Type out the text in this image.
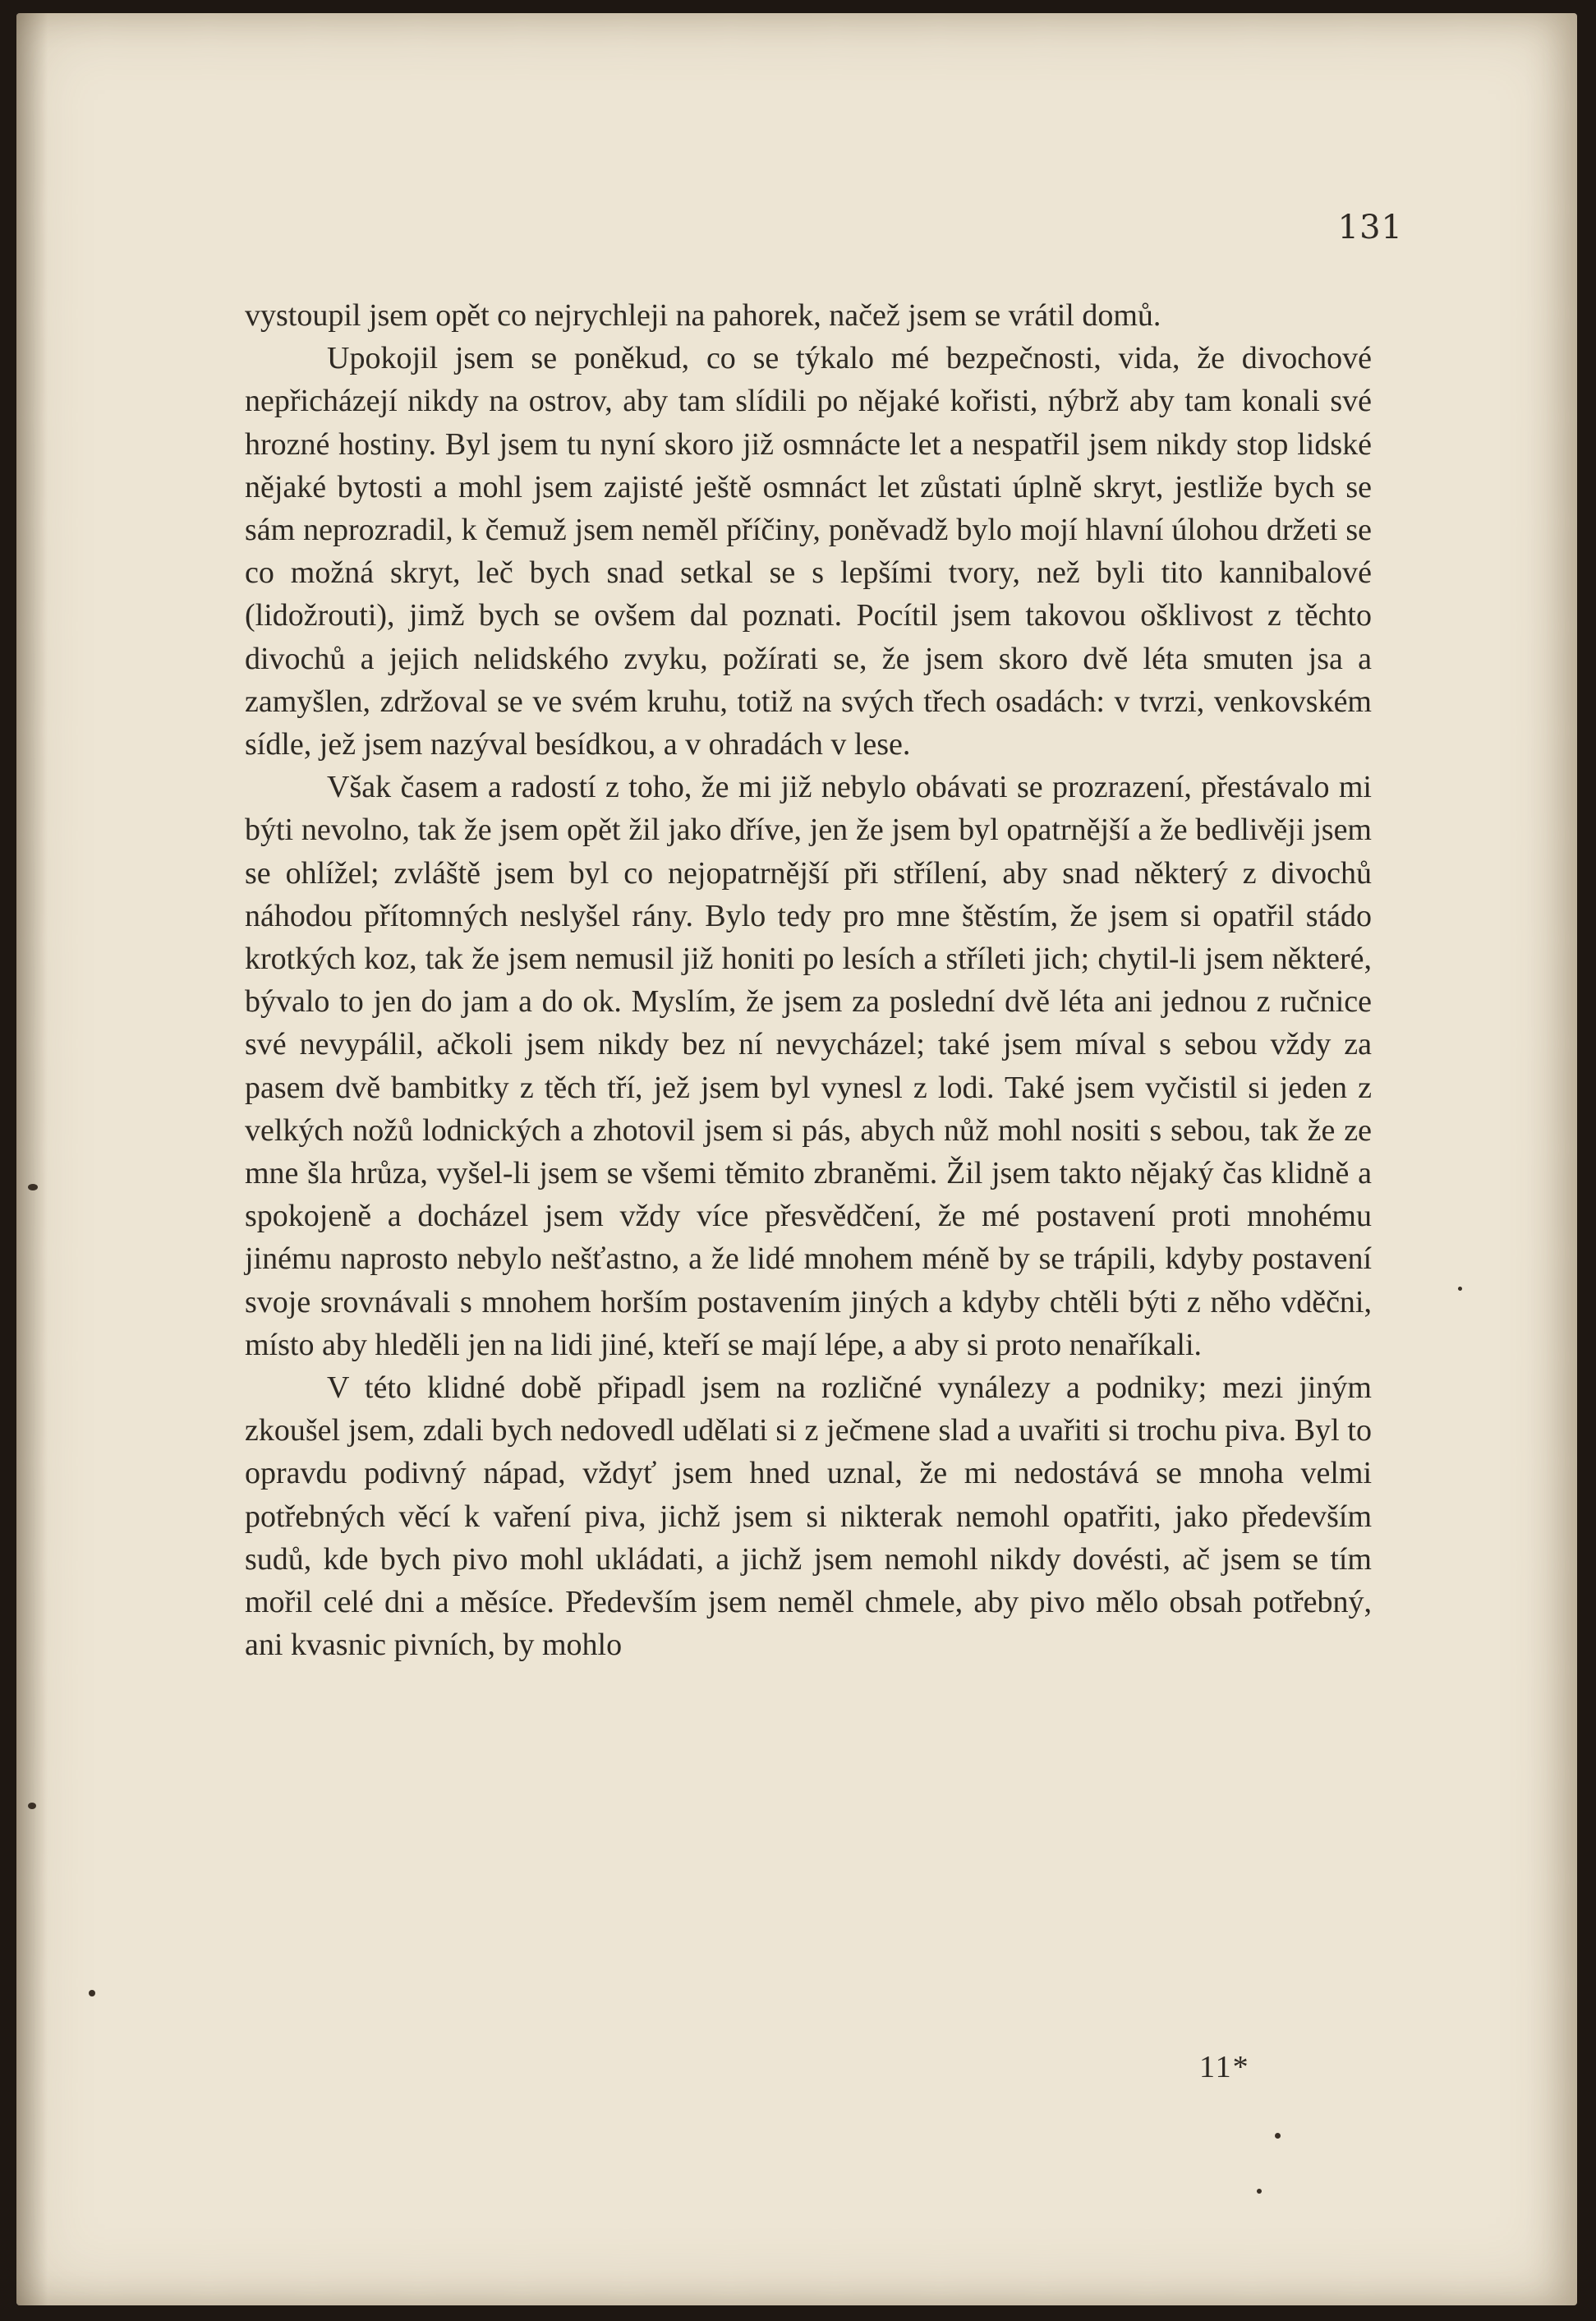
131

vystoupil jsem opět co nejrychleji na pahorek, načež jsem se vrátil domů.

Upokojil jsem se poněkud, co se týkalo mé bezpečnosti, vida, že divochové nepřicházejí nikdy na ostrov, aby tam slídili po nějaké kořisti, nýbrž aby tam konali své hrozné hostiny. Byl jsem tu nyní skoro již osmnácte let a nespatřil jsem nikdy stop lidské nějaké bytosti a mohl jsem zajisté ještě osmnáct let zůstati úplně skryt, jestliže bych se sám neprozradil, k čemuž jsem neměl příčiny, poněvadž bylo mojí hlavní úlohou držeti se co možná skryt, leč bych snad setkal se s lepšími tvory, než byli tito kannibalové (lidožrouti), jimž bych se ovšem dal poznati. Pocítil jsem takovou ošklivost z těchto divochů a jejich nelidského zvyku, požírati se, že jsem skoro dvě léta smuten jsa a zamyšlen, zdržoval se ve svém kruhu, totiž na svých třech osadách: v tvrzi, venkovském sídle, jež jsem nazýval besídkou, a v ohradách v lese.

Však časem a radostí z toho, že mi již nebylo obávati se prozrazení, přestávalo mi býti nevolno, tak že jsem opět žil jako dříve, jen že jsem byl opatrnější a že bedlivěji jsem se ohlížel; zvláště jsem byl co nejopatrnější při střílení, aby snad některý z divochů náhodou přítomných neslyšel rány. Bylo tedy pro mne štěstím, že jsem si opatřil stádo krotkých koz, tak že jsem nemusil již honiti po lesích a stříleti jich; chytil-li jsem některé, bývalo to jen do jam a do ok. Myslím, že jsem za poslední dvě léta ani jednou z ručnice své nevypálil, ačkoli jsem nikdy bez ní nevycházel; také jsem míval s sebou vždy za pasem dvě bambitky z těch tří, jež jsem byl vynesl z lodi. Také jsem vyčistil si jeden z velkých nožů lodnických a zhotovil jsem si pás, abych nůž mohl nositi s sebou, tak že ze mne šla hrůza, vyšel-li jsem se všemi těmito zbraněmi. Žil jsem takto nějaký čas klidně a spokojeně a docházel jsem vždy více přesvědčení, že mé postavení proti mnohému jinému naprosto nebylo nešťastno, a že lidé mnohem méně by se trápili, kdyby postavení svoje srovnávali s mnohem horším postavením jiných a kdyby chtěli býti z něho vděčni, místo aby hleděli jen na lidi jiné, kteří se mají lépe, a aby si proto nenaříkali.

V této klidné době připadl jsem na rozličné vynálezy a podniky; mezi jiným zkoušel jsem, zdali bych nedovedl udělati si z ječmene slad a uvařiti si trochu piva. Byl to opravdu podivný nápad, vždyť jsem hned uznal, že mi nedostává se mnoha velmi potřebných věcí k vaření piva, jichž jsem si nikterak nemohl opatřiti, jako především sudů, kde bych pivo mohl ukládati, a jichž jsem nemohl nikdy dovésti, ač jsem se tím mořil celé dni a měsíce. Především jsem neměl chmele, aby pivo mělo obsah potřebný, ani kvasnic pivních, by mohlo

11*
